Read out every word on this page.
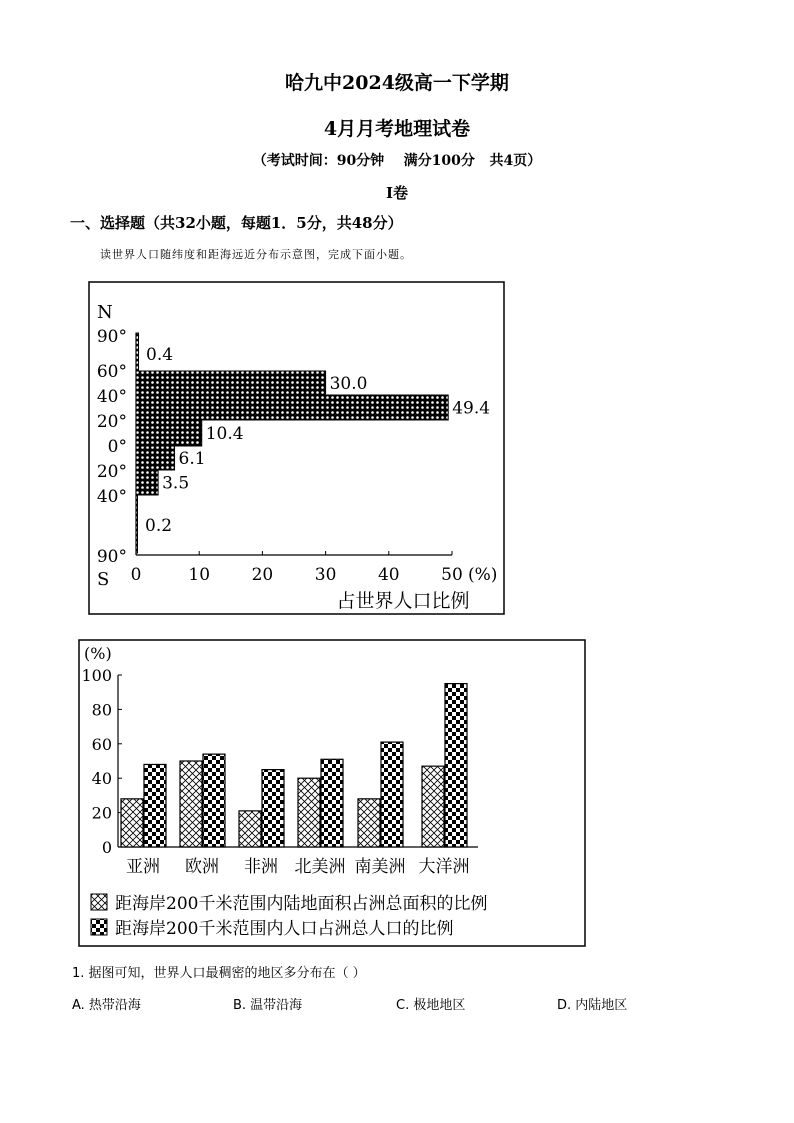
哈九中2024级高一下学期
4月月考地理试卷
（考试时间：90分钟    满分100分   共4页）
I卷
一、选择题（共32小题，每题1．5分，共48分）
读世界人口随纬度和距海远近分布示意图，完成下面小题。
N
S
90°
60°
40°
20°
0°
20°
40°
90°
0	10 20 30 40 50 (%)
占世界人口比例
0.4
30.0
49.4
10.4
6.1
3.5
0.2
(%)
0
20
40
60
80
100
亚洲 欧洲 非洲 北美洲 南美洲 大洋洲
距海岸200千米范围内陆地面积占洲总面积的比例
距海岸200千米范围内人口占洲总人口的比例
1. 据图可知，世界人口最稠密的地区多分布在（ ）
A. 热带沿海	B. 温带沿海	C. 极地地区	D. 内陆地区
